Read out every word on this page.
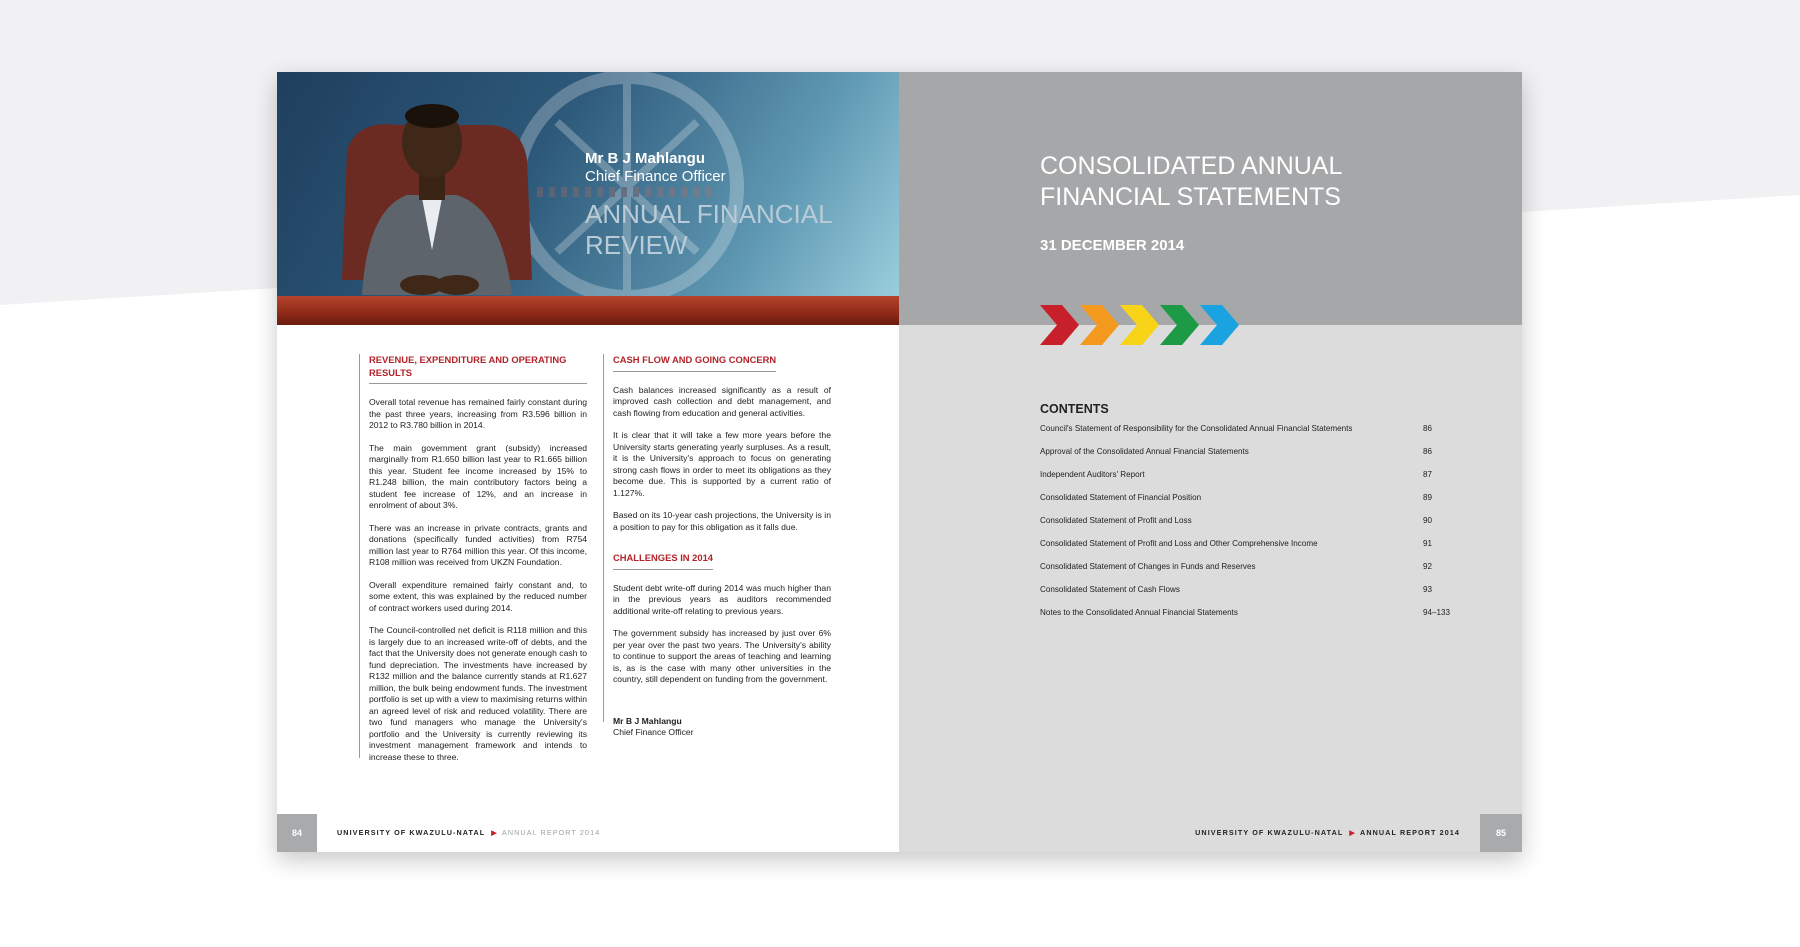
Mr B J Mahlangu
Chief Finance Officer
ANNUAL FINANCIAL REVIEW
REVENUE, EXPENDITURE AND OPERATING RESULTS

Overall total revenue has remained fairly constant during the past three years, increasing from R3.596 billion in 2012 to R3.780 billion in 2014.

The main government grant (subsidy) increased marginally from R1.650 billion last year to R1.665 billion this year. Student fee income increased by 15% to R1.248 billion, the main contributory factors being a student fee increase of 12%, and an increase in enrolment of about 3%.

There was an increase in private contracts, grants and donations (specifically funded activities) from R754 million last year to R764 million this year. Of this income, R108 million was received from UKZN Foundation.

Overall expenditure remained fairly constant and, to some extent, this was explained by the reduced number of contract workers used during 2014.

The Council-controlled net deficit is R118 million and this is largely due to an increased write-off of debts, and the fact that the University does not generate enough cash to fund depreciation. The investments have increased by R132 million and the balance currently stands at R1.627 million, the bulk being endowment funds. The investment portfolio is set up with a view to maximising returns within an agreed level of risk and reduced volatility. There are two fund managers who manage the University's portfolio and the University is currently reviewing its investment management framework and intends to increase these to three.

CASH FLOW AND GOING CONCERN

Cash balances increased significantly as a result of improved cash collection and debt management, and cash flowing from education and general activities.

It is clear that it will take a few more years before the University starts generating yearly surpluses. As a result, it is the University's approach to focus on generating strong cash flows in order to meet its obligations as they become due. This is supported by a current ratio of 1.127%.

Based on its 10-year cash projections, the University is in a position to pay for this obligation as it falls due.

CHALLENGES IN 2014

Student debt write-off during 2014 was much higher than in the previous years as auditors recommended additional write-off relating to previous years.

The government subsidy has increased by just over 6% per year over the past two years. The University's ability to continue to support the areas of teaching and learning is, as is the case with many other universities in the country, still dependent on funding from the government.

Mr B J Mahlangu
Chief Finance Officer
84	UNIVERSITY OF KWAZULU-NATAL ▶ ANNUAL REPORT 2014
CONSOLIDATED ANNUAL FINANCIAL STATEMENTS
31 DECEMBER 2014
CONTENTS
Council's Statement of Responsibility for the Consolidated Annual Financial Statements	86
Approval of the Consolidated Annual Financial Statements	86
Independent Auditors' Report	87
Consolidated Statement of Financial Position	89
Consolidated Statement of Profit and Loss	90
Consolidated Statement of Profit and Loss and Other Comprehensive Income	91
Consolidated Statement of Changes in Funds and Reserves	92
Consolidated Statement of Cash Flows	93
Notes to the Consolidated Annual Financial Statements	94–133
UNIVERSITY OF KWAZULU-NATAL ▶ ANNUAL REPORT 2014	85
